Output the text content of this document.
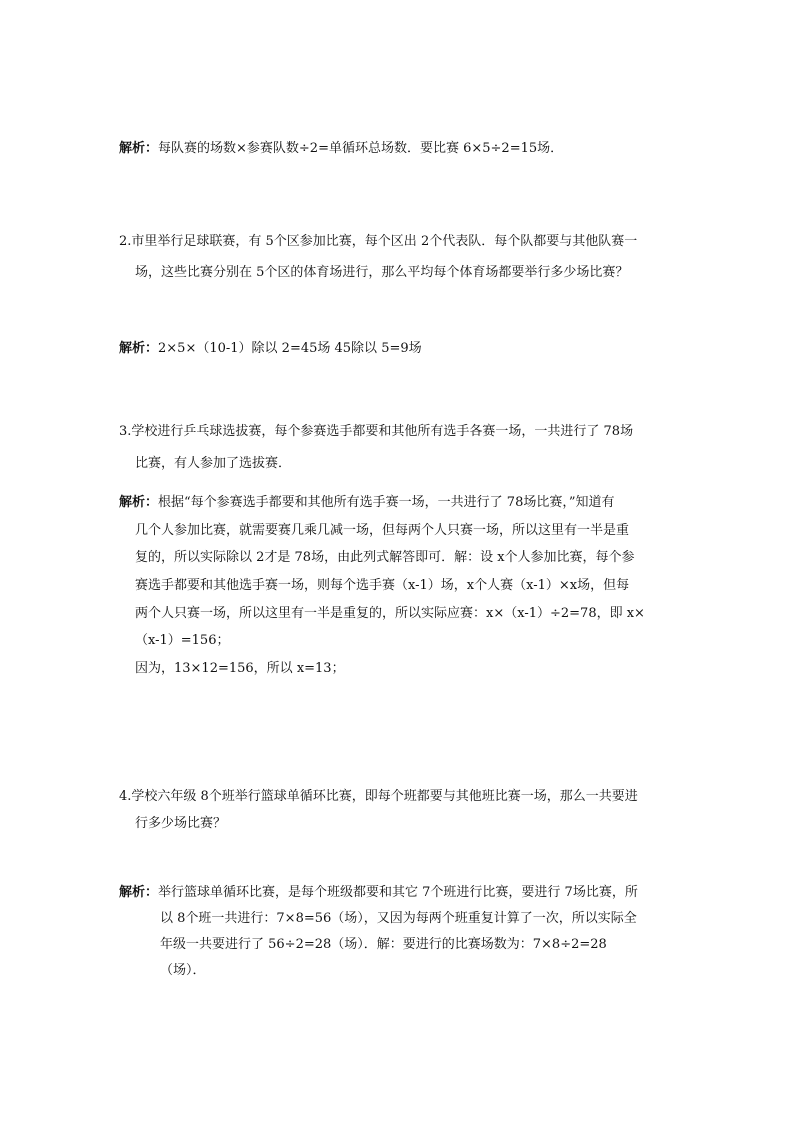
解析：每队赛的场数×参赛队数÷2=单循环总场数．要比赛 6×5÷2=15场．
2.市里举行足球联赛，有 5个区参加比赛，每个区出 2个代表队．每个队都要与其他队赛一
场，这些比赛分别在 5个区的体育场进行，那么平均每个体育场都要举行多少场比赛？
解析：2×5×（10-1）除以 2=45场 45除以 5=9场
3.学校进行乒乓球选拔赛，每个参赛选手都要和其他所有选手各赛一场，一共进行了 78场
比赛，有人参加了选拔赛．
解析：根据“每个参赛选手都要和其他所有选手赛一场，一共进行了 78场比赛，”知道有
几个人参加比赛，就需要赛几乘几减一场，但每两个人只赛一场，所以这里有一半是重
复的，所以实际除以 2才是 78场，由此列式解答即可．解：设 x个人参加比赛，每个参
赛选手都要和其他选手赛一场，则每个选手赛（x-1）场，x个人赛（x-1）×x场，但每
两个人只赛一场，所以这里有一半是重复的，所以实际应赛：x×（x-1）÷2=78，即 x×
（x-1）=156；
因为，13×12=156，所以 x=13；
4.学校六年级 8个班举行篮球单循环比赛，即每个班都要与其他班比赛一场，那么一共要进
行多少场比赛？
解析：举行篮球单循环比赛，是每个班级都要和其它 7个班进行比赛，要进行 7场比赛，所
以 8个班一共进行：7×8=56（场），又因为每两个班重复计算了一次，所以实际全
年级一共要进行了 56÷2=28（场）．解：要进行的比赛场数为：7×8÷2=28
（场）．
